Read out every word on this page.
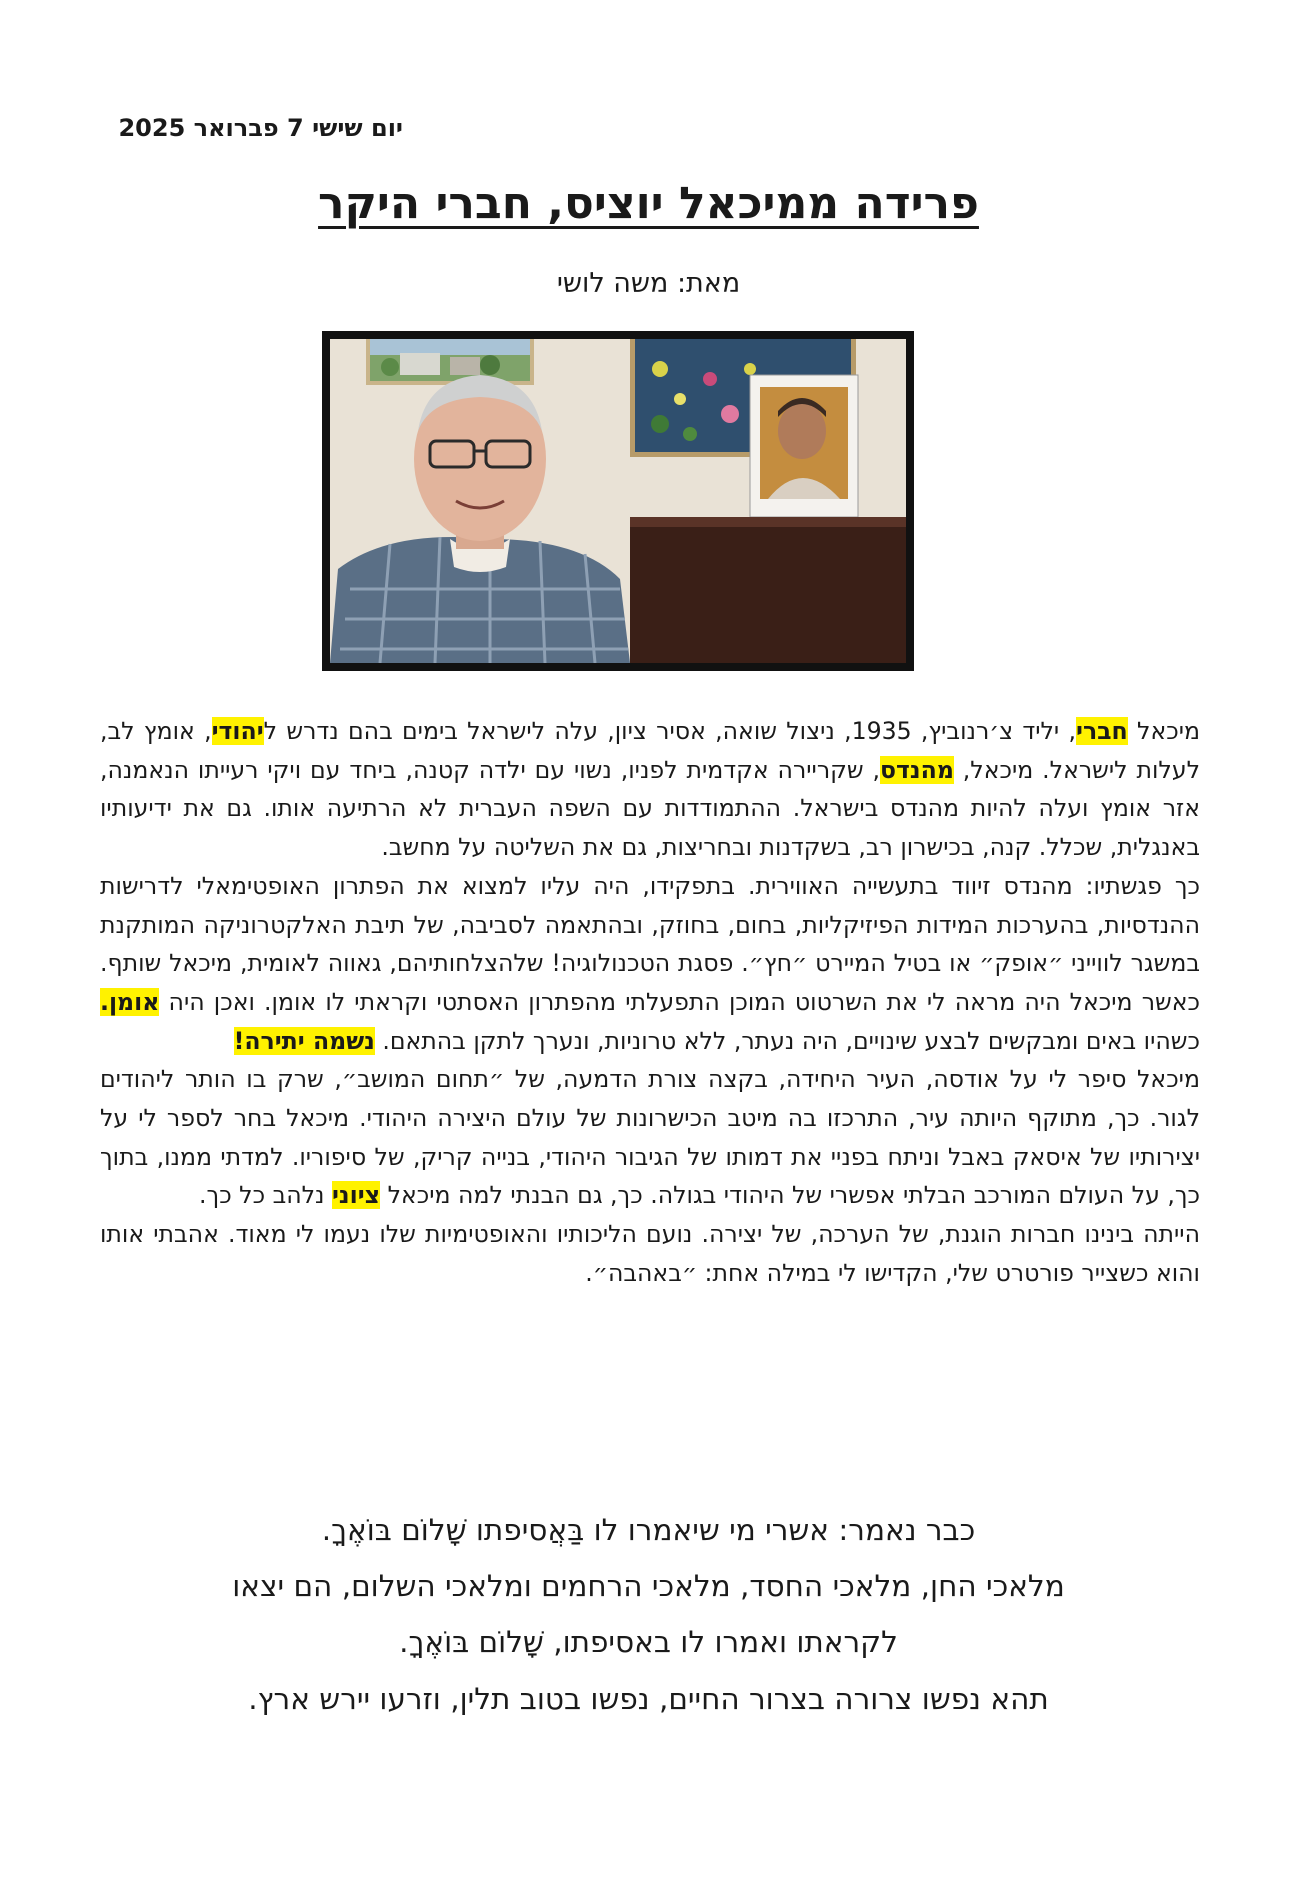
יום שישי 7 פברואר 2025
פרידה ממיכאל יוציס, חברי היקר
מאת: משה לושי

מיכאל חברי, יליד צ׳רנוביץ, 1935, ניצול שואה, אסיר ציון, עלה לישראל בימים בהם נדרש ליהודי, אומץ לב, לעלות לישראל. מיכאל, מהנדס, שקריירה אקדמית לפניו, נשוי עם ילדה קטנה, ביחד עם ויקי רעייתו הנאמנה, אזר אומץ ועלה להיות מהנדס בישראל. ההתמודדות עם השפה העברית לא הרתיעה אותו. גם את ידיעותיו באנגלית, שכלל. קנה, בכישרון רב, בשקדנות ובחריצות, גם את השליטה על מחשב.

כך פגשתיו: מהנדס זיווד בתעשייה האווירית. בתפקידו, היה עליו למצוא את הפתרון האופטימאלי לדרישות ההנדסיות, בהערכות המידות הפיזיקליות, בחום, בחוזק, ובהתאמה לסביבה, של תיבת האלקטרוניקה המותקנת במשגר לווייני ״אופק״ או בטיל המיירט ״חץ״. פסגת הטכנולוגיה! שלהצלחותיהם, גאווה לאומית, מיכאל שותף. כאשר מיכאל היה מראה לי את השרטוט המוכן התפעלתי מהפתרון האסתטי וקראתי לו אומן. ואכן היה אומן. כשהיו באים ומבקשים לבצע שינויים, היה נעתר, ללא טרוניות, ונערך לתקן בהתאם. נשמה יתירה!

מיכאל סיפר לי על אודסה, העיר היחידה, בקצה צורת הדמעה, של ״תחום המושב״, שרק בו הותר ליהודים לגור. כך, מתוקף היותה עיר, התרכזו בה מיטב הכישרונות של עולם היצירה היהודי. מיכאל בחר לספר לי על יצירותיו של איסאק באבל וניתח בפניי את דמותו של הגיבור היהודי, בנייה קריק, של סיפוריו. למדתי ממנו, בתוך כך, על העולם המורכב הבלתי אפשרי של היהודי בגולה. כך, גם הבנתי למה מיכאל ציוני נלהב כל כך.

הייתה בינינו חברות הוגנת, של הערכה, של יצירה. נועם הליכותיו והאופטימיות שלו נעמו לי מאוד. אהבתי אותו והוא כשצייר פורטרט שלי, הקדישו לי במילה אחת: ״באהבה״.

כבר נאמר: אשרי מי שיאמרו לו בַּאֲסיפתו שָׁלוֹם בּוֹאֶךָ.
מלאכי החן, מלאכי החסד, מלאכי הרחמים ומלאכי השלום, הם יצאו
לקראתו ואמרו לו באסיפתו, שָׁלוֹם בּוֹאֶךָ.
תהא נפשו צרורה בצרור החיים, נפשו בטוב תלין, וזרעו יירש ארץ.
